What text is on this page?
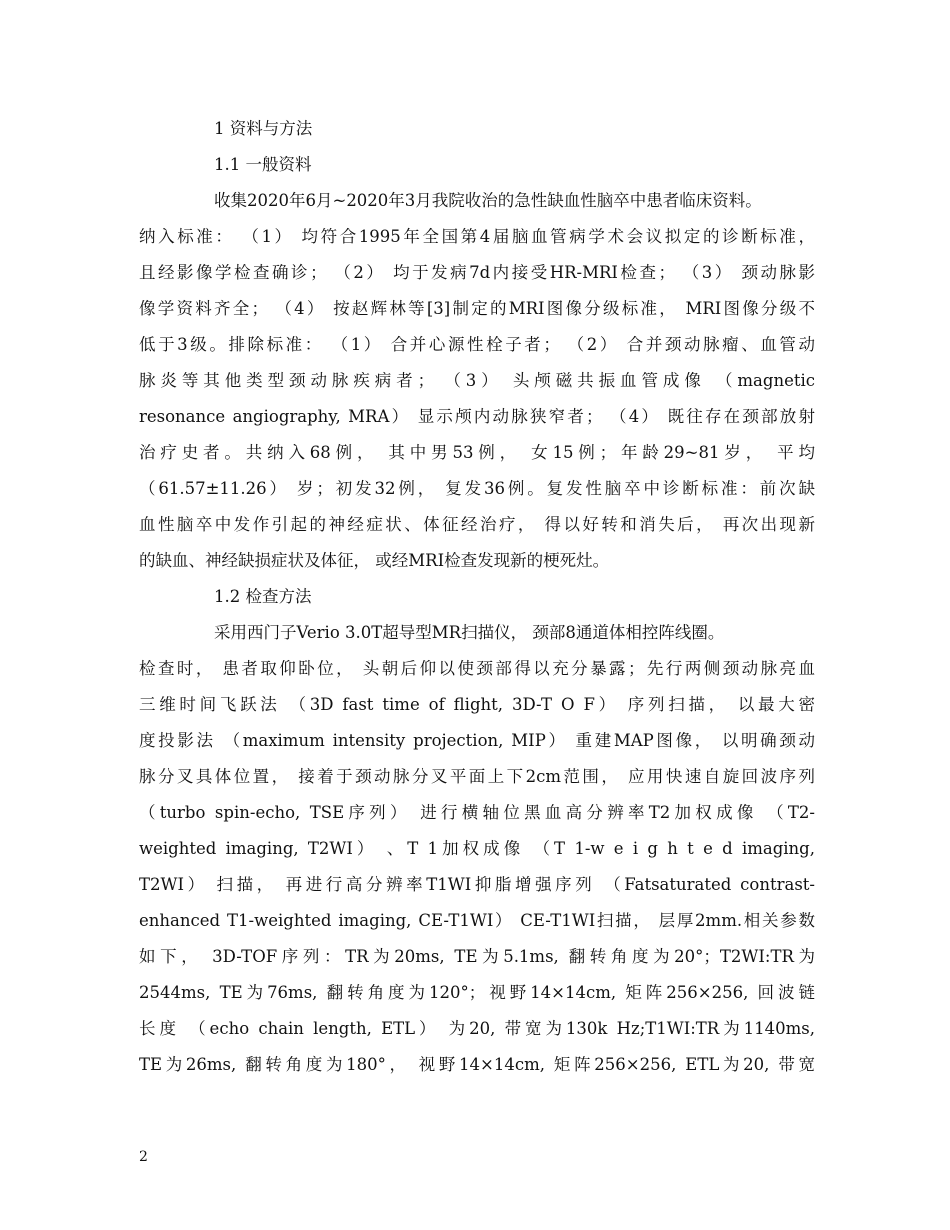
1 资料与方法
1.1 一般资料
收集2020年6月~2020年3月我院收治的急性缺血性脑卒中患者临床资料。
纳入标准： （1） 均符合1995年全国第4届脑血管病学术会议拟定的诊断标准，
且经影像学检查确诊； （2） 均于发病7d内接受HR-MRI检查； （3） 颈动脉影
像学资料齐全； （4） 按赵辉林等[3]制定的MRI图像分级标准， MRI图像分级不
低于3级。排除标准： （1） 合并心源性栓子者； （2） 合并颈动脉瘤、血管动
脉炎等其他类型颈动脉疾病者； （3） 头颅磁共振血管成像 （magnetic
resonance angiography, MRA） 显示颅内动脉狭窄者； （4） 既往存在颈部放射
治疗史者。共纳入68例， 其中男53例， 女15例；年龄29~81岁， 平均
（61.57±11.26） 岁；初发32例， 复发36例。复发性脑卒中诊断标准：前次缺
血性脑卒中发作引起的神经症状、体征经治疗， 得以好转和消失后， 再次出现新
的缺血、神经缺损症状及体征， 或经MRI检查发现新的梗死灶。
1.2 检查方法
采用西门子Verio 3.0T超导型MR扫描仪， 颈部8通道体相控阵线圈。
检查时， 患者取仰卧位， 头朝后仰以使颈部得以充分暴露；先行两侧颈动脉亮血
三维时间飞跃法 （3D fast time of flight, 3D-T O F） 序列扫描， 以最大密
度投影法 （maximum intensity projection, MIP） 重建MAP图像， 以明确颈动
脉分叉具体位置， 接着于颈动脉分叉平面上下2cm范围， 应用快速自旋回波序列
（turbo spin-echo, TSE序列） 进行横轴位黑血高分辨率T2加权成像 （T2-
weighted imaging, T2WI） 、T 1加权成像 （T 1-w e i g h t e d imaging,
T2WI） 扫描， 再进行高分辨率T1WI抑脂增强序列 （Fatsaturated contrast-
enhanced T1-weighted imaging, CE-T1WI） CE-T1WI扫描， 层厚2mm.相关参数
如下， 3D-TOF序列：TR为20ms, TE为5.1ms, 翻转角度为20°；T2WI:TR为
2544ms, TE为76ms, 翻转角度为120°；视野14×14cm, 矩阵256×256, 回波链
长度 （echo chain length, ETL） 为20, 带宽为130k Hz;T1WI:TR为1140ms,
TE为26ms, 翻转角度为180°， 视野14×14cm, 矩阵256×256, ETL为20, 带宽
2
